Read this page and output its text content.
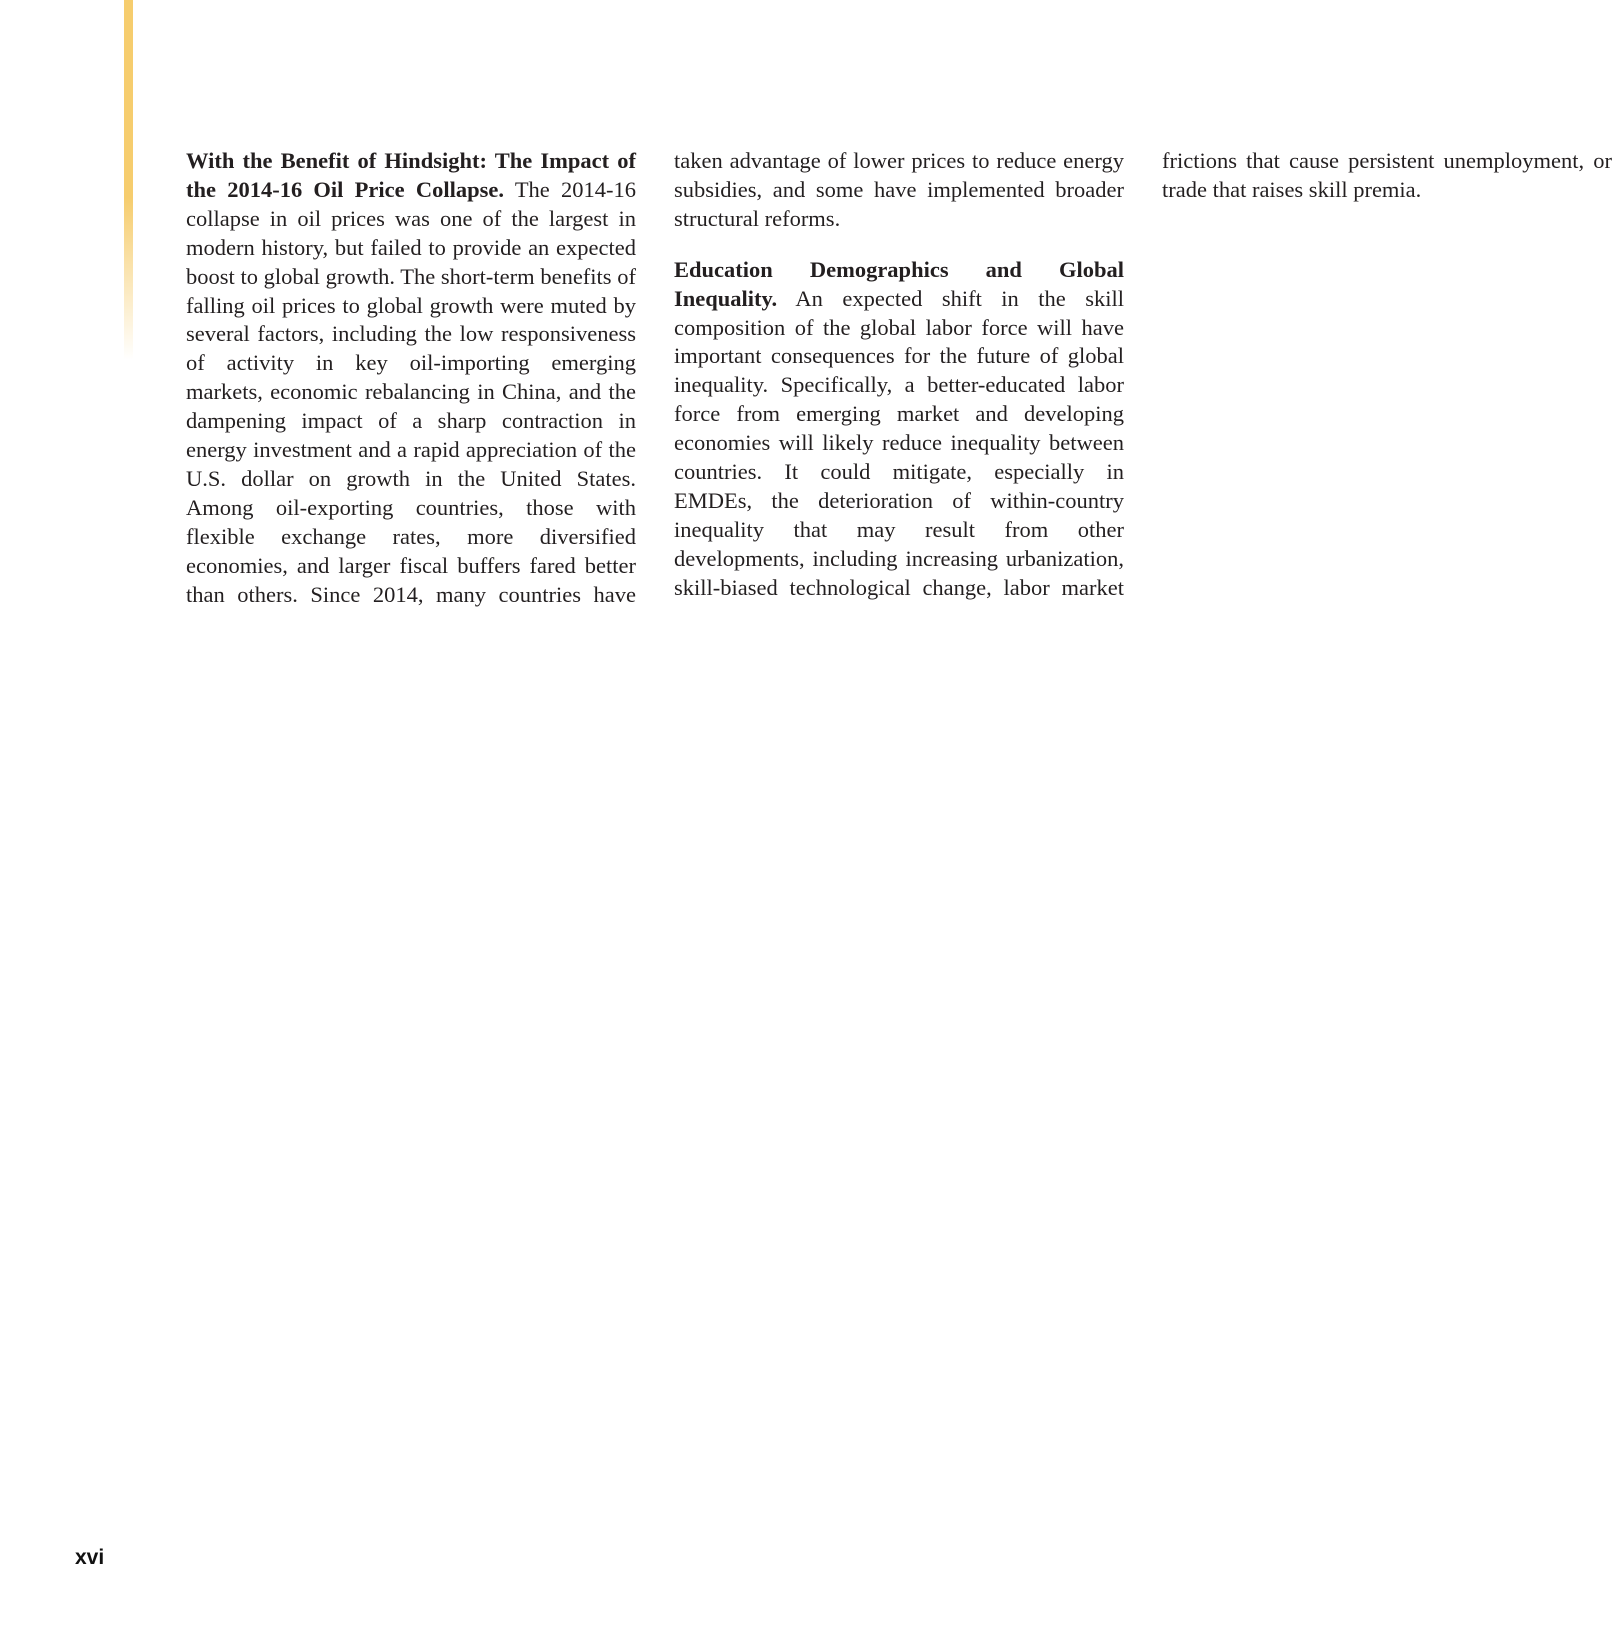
With the Benefit of Hindsight: The Impact of the 2014-16 Oil Price Collapse. The 2014-16 collapse in oil prices was one of the largest in modern history, but failed to provide an expected boost to global growth. The short-term benefits of falling oil prices to global growth were muted by several factors, including the low responsiveness of activity in key oil-importing emerging markets, economic rebalancing in China, and the dampening impact of a sharp contraction in energy investment and a rapid appreciation of the U.S. dollar on growth in the United States. Among oil-exporting countries, those with flexible exchange rates, more diversified economies, and larger fiscal buffers fared better than others. Since 2014, many countries have taken advantage of lower prices to reduce energy subsidies, and some have implemented broader structural reforms.

Education Demographics and Global Inequality. An expected shift in the skill composition of the global labor force will have important consequences for the future of global inequality. Specifically, a better-educated labor force from emerging market and developing economies will likely reduce inequality between countries. It could mitigate, especially in EMDEs, the deterioration of within-country inequality that may result from other developments, including increasing urbanization, skill-biased technological change, labor market frictions that cause persistent unemployment, or trade that raises skill premia.

xvi
